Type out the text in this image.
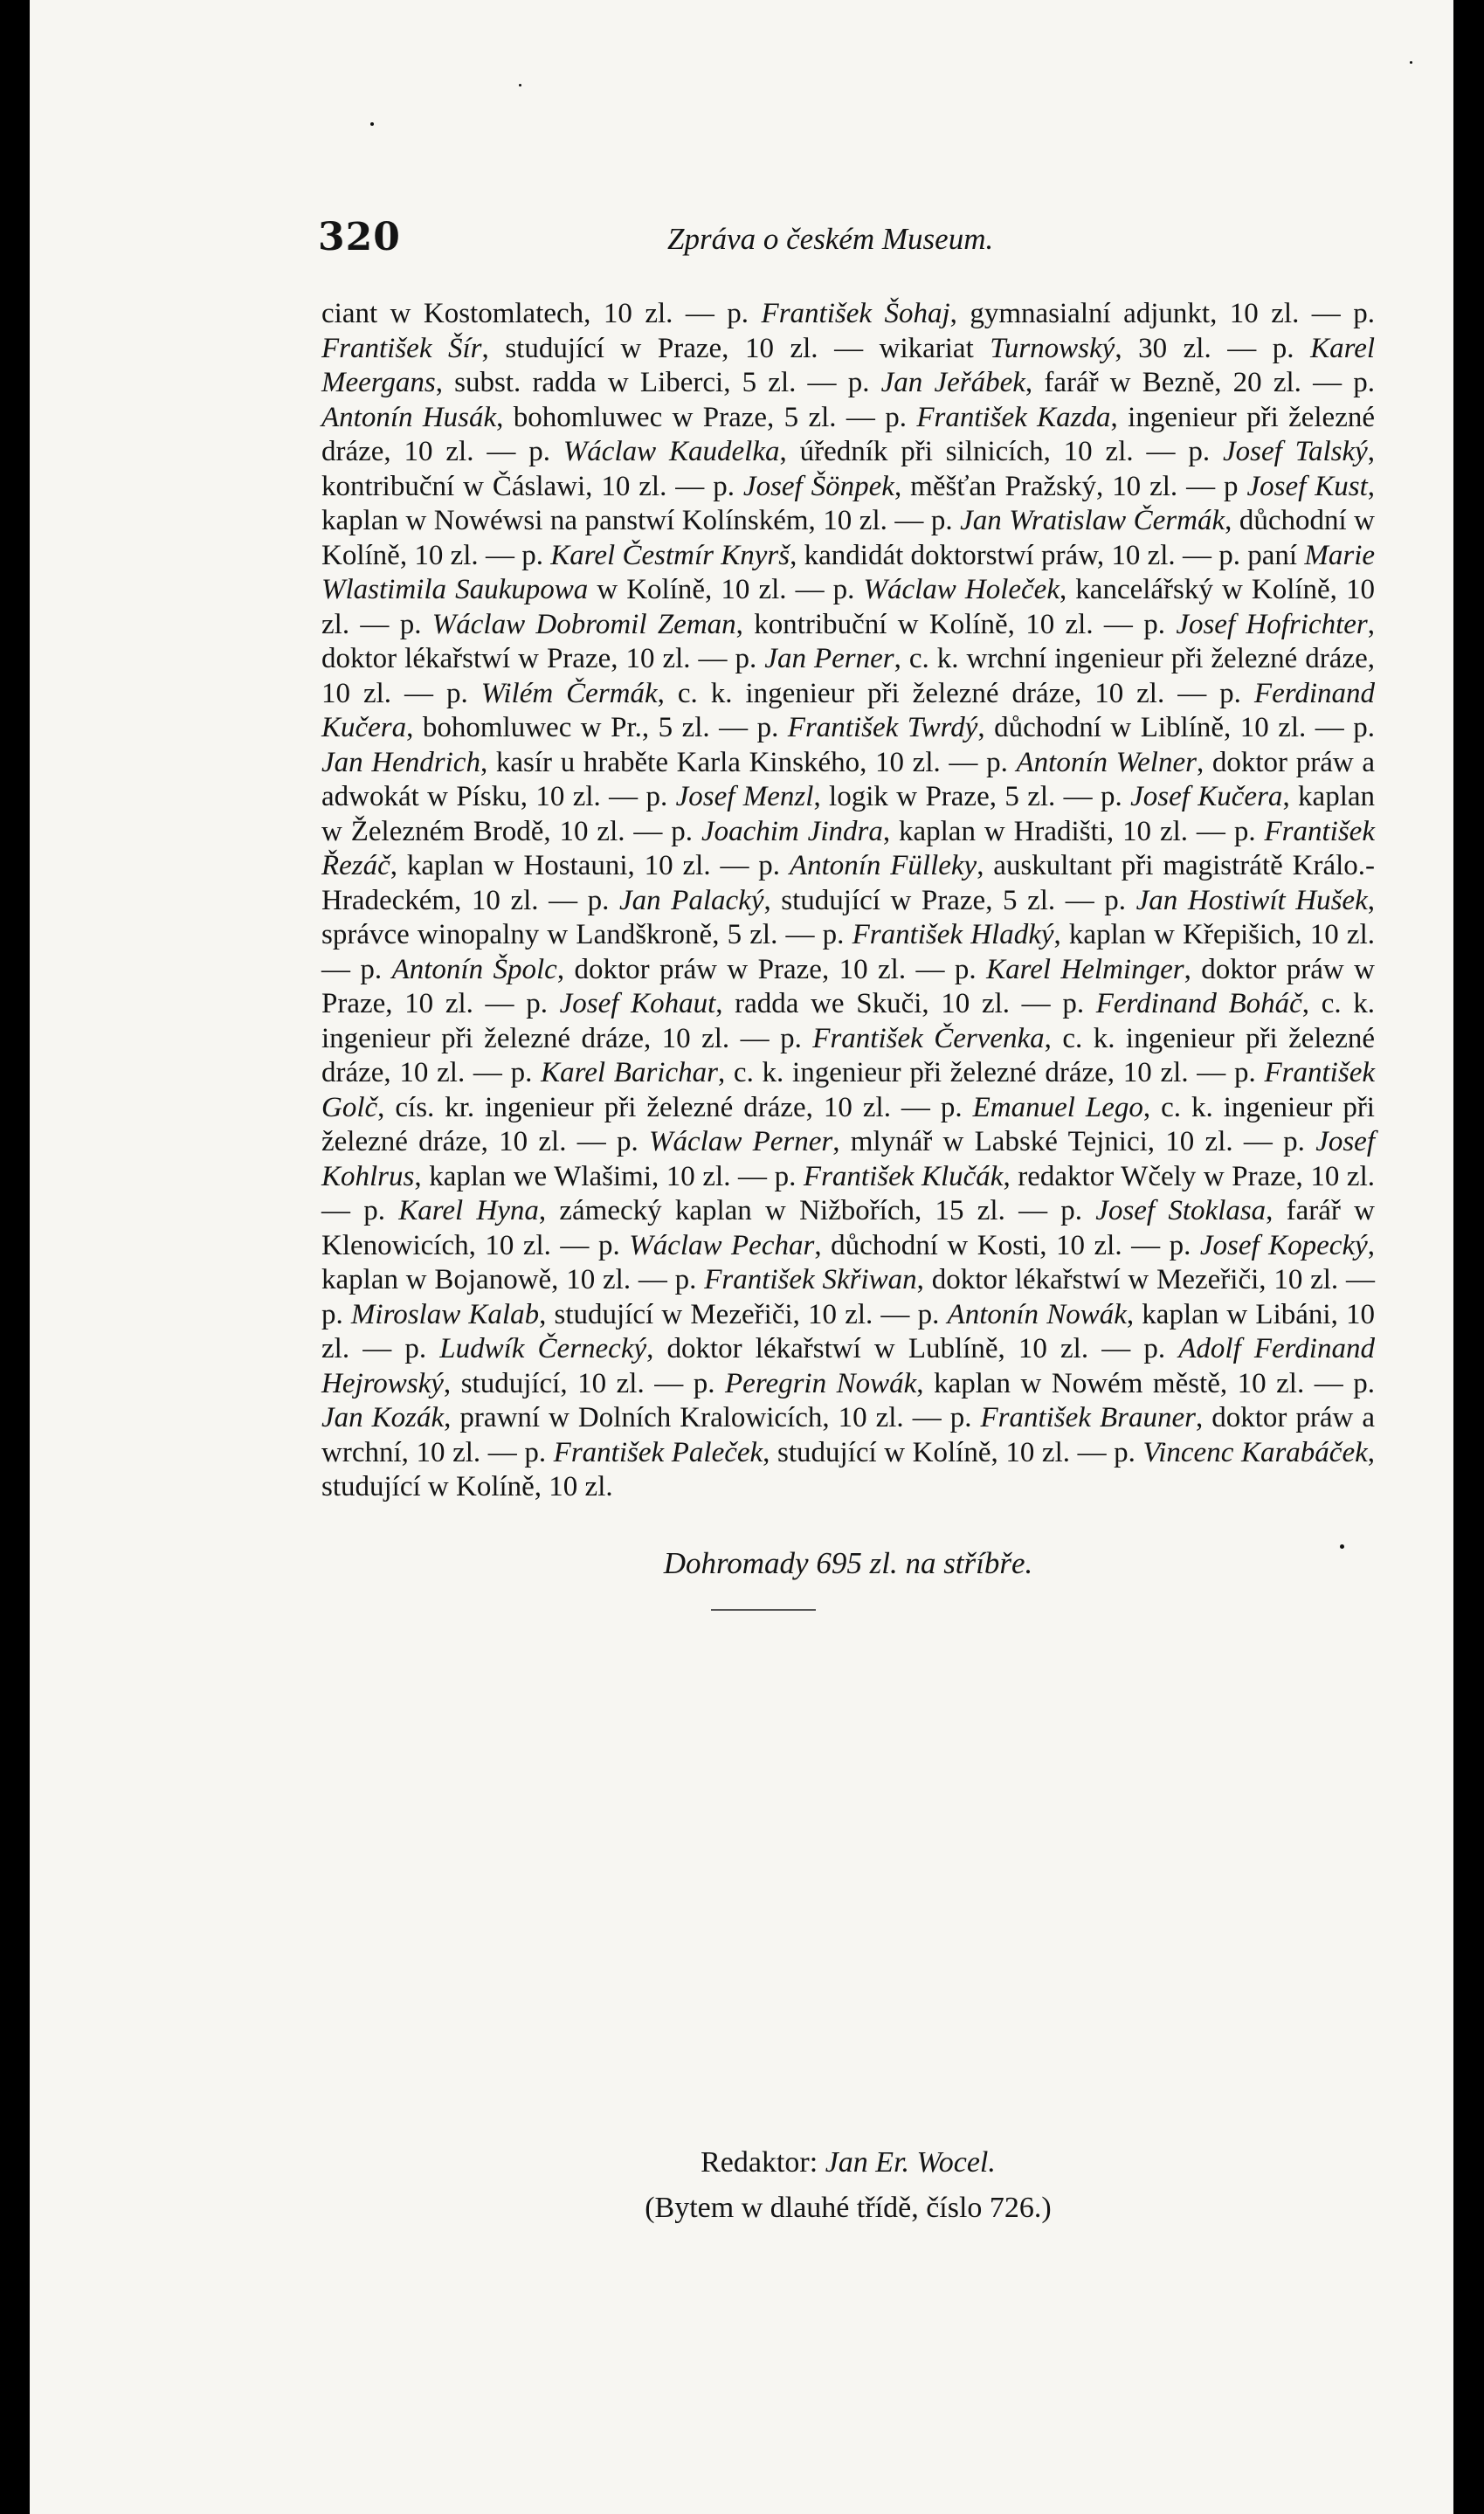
320	Zpráva o českém Museum.

ciant w Kostomlatech, 10 zl. — p. František Šohaj, gymnasialní adjunkt, 10 zl. — p. František Šír, studující w Praze, 10 zl. — wikariat Turnowský, 30 zl. — p. Karel Meergans, subst. radda w Liberci, 5 zl. — p. Jan Jeřábek, farář w Bezně, 20 zl. — p. Antonín Husák, bohomluwec w Praze, 5 zl. — p. František Kazda, ingenieur při železné dráze, 10 zl. — p. Wáclaw Kaudelka, úředník při silnicích, 10 zl. — p. Josef Talský, kontribuční w Čáslawi, 10 zl. — p. Josef Šönpek, měšťan Pražský, 10 zl. — p Josef Kust, kaplan w Nowéwsi na panstwí Kolínském, 10 zl. — p. Jan Wratislaw Čermák, důchodní w Kolíně, 10 zl. — p. Karel Čestmír Knyrš, kandidát doktorstwí práw, 10 zl. — p. paní Marie Wlastimila Saukupowa w Kolíně, 10 zl. — p. Wáclaw Holeček, kancelářský w Kolíně, 10 zl. — p. Wáclaw Dobromil Zeman, kontribuční w Kolíně, 10 zl. — p. Josef Hofrichter, doktor lékařstwí w Praze, 10 zl. — p. Jan Perner, c. k. wrchní ingenieur při železné dráze, 10 zl. — p. Wilém Čermák, c. k. ingenieur při železné dráze, 10 zl. — p. Ferdinand Kučera, bohomluwec w Pr., 5 zl. — p. František Twrdý, důchodní w Liblíně, 10 zl. — p. Jan Hendrich, kasír u hraběte Karla Kinského, 10 zl. — p. Antonín Welner, doktor práw a adwokát w Písku, 10 zl. — p. Josef Menzl, logik w Praze, 5 zl. — p. Josef Kučera, kaplan w Železném Brodě, 10 zl. — p. Joachim Jindra, kaplan w Hradišti, 10 zl. — p. František Řezáč, kaplan w Hostauni, 10 zl. — p. Antonín Fülleky, auskultant při magistrátě Králo.-Hradeckém, 10 zl. — p. Jan Palacký, studující w Praze, 5 zl. — p. Jan Hostiwít Hušek, správce winopalny w Landškroně, 5 zl. — p. František Hladký, kaplan w Křepišich, 10 zl. — p. Antonín Špolc, doktor práw w Praze, 10 zl. — p. Karel Helminger, doktor práw w Praze, 10 zl. — p. Josef Kohaut, radda we Skuči, 10 zl. — p. Ferdinand Boháč, c. k. ingenieur při železné dráze, 10 zl. — p. František Červenka, c. k. ingenieur při železné dráze, 10 zl. — p. Karel Barichar, c. k. ingenieur při železné dráze, 10 zl. — p. František Golč, cís. kr. ingenieur při železné dráze, 10 zl. — p. Emanuel Lego, c. k. ingenieur při železné dráze, 10 zl. — p. Wáclaw Perner, mlynář w Labské Tejnici, 10 zl. — p. Josef Kohlrus, kaplan we Wlašimi, 10 zl. — p. František Klučák, redaktor Wčely w Praze, 10 zl. — p. Karel Hyna, zámecký kaplan w Nižbořích, 15 zl. — p. Josef Stoklasa, farář w Klenowicích, 10 zl. — p. Wáclaw Pechar, důchodní w Kosti, 10 zl. — p. Josef Kopecký, kaplan w Bojanowě, 10 zl. — p. František Skřiwan, doktor lékařstwí w Mezeřiči, 10 zl. — p. Miroslaw Kalab, studující w Mezeřiči, 10 zl. — p. Antonín Nowák, kaplan w Libáni, 10 zl. — p. Ludwík Černecký, doktor lékařstwí w Lublíně, 10 zl. — p. Adolf Ferdinand Hejrowský, studující, 10 zl. — p. Peregrin Nowák, kaplan w Nowém městě, 10 zl. — p. Jan Kozák, prawní w Dolních Kralowicích, 10 zl. — p. František Brauner, doktor práw a wrchní, 10 zl. — p. František Paleček, studující w Kolíně, 10 zl. — p. Vincenc Karabáček, studující w Kolíně, 10 zl.

Dohromady 695 zl. na stříbře.
Redaktor: Jan Er. Wocel.
(Bytem w dlauhé třídě, číslo 726.)
